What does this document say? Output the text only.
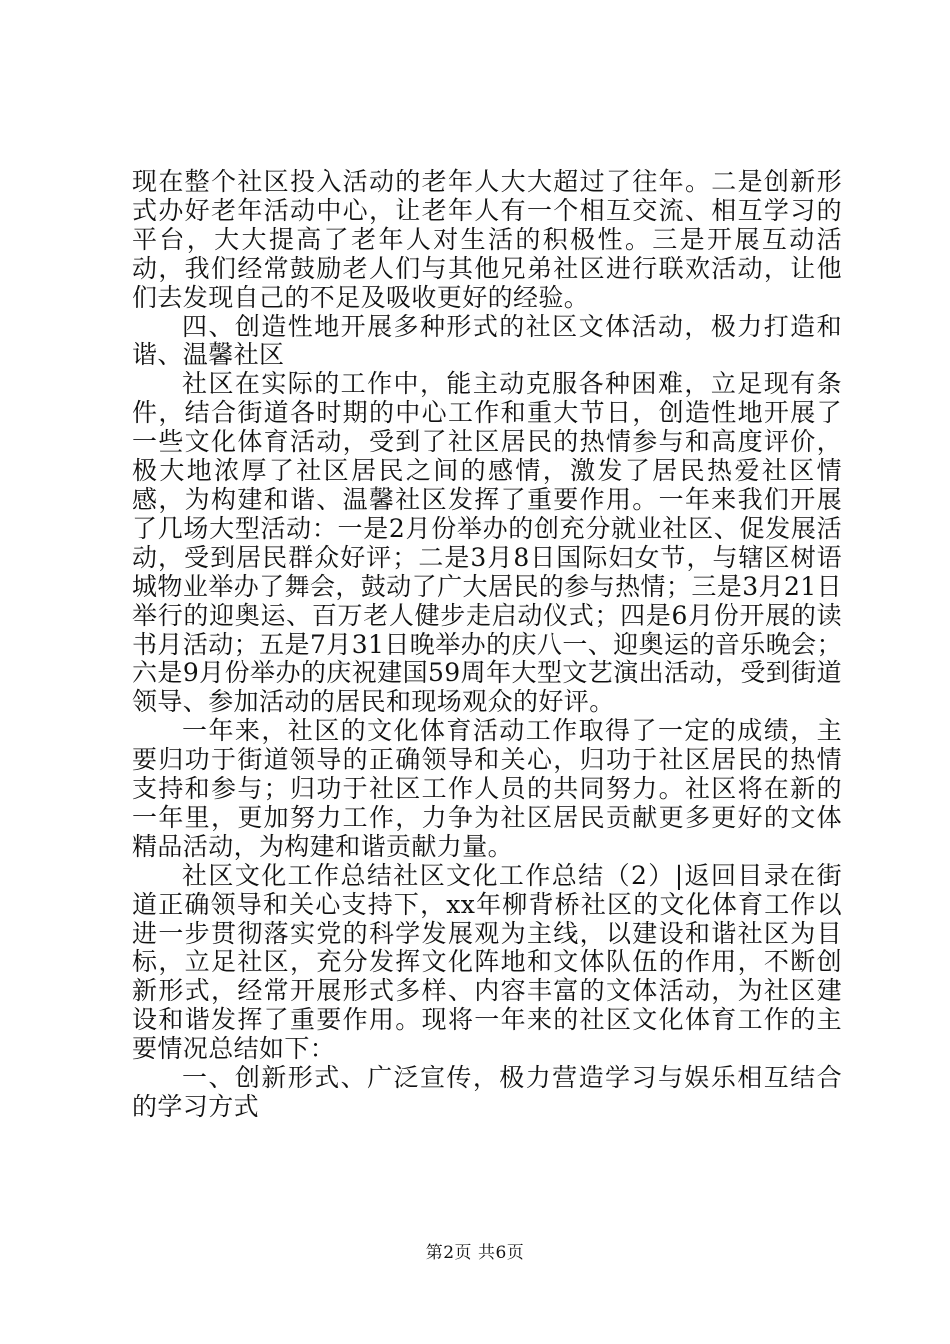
现在整个社区投入活动的老年人大大超过了往年。二是创新形式办好老年活动中心，让老年人有一个相互交流、相互学习的平台，大大提高了老年人对生活的积极性。三是开展互动活动，我们经常鼓励老人们与其他兄弟社区进行联欢活动，让他们去发现自己的不足及吸收更好的经验。

四、创造性地开展多种形式的社区文体活动，极力打造和谐、温馨社区

社区在实际的工作中，能主动克服各种困难，立足现有条件，结合街道各时期的中心工作和重大节日，创造性地开展了一些文化体育活动，受到了社区居民的热情参与和高度评价，极大地浓厚了社区居民之间的感情，激发了居民热爱社区情感，为构建和谐、温馨社区发挥了重要作用。一年来我们开展了几场大型活动：一是2月份举办的创充分就业社区、促发展活动，受到居民群众好评；二是3月8日国际妇女节，与辖区树语城物业举办了舞会，鼓动了广大居民的参与热情；三是3月21日举行的迎奥运、百万老人健步走启动仪式；四是6月份开展的读书月活动；五是7月31日晚举办的庆八一、迎奥运的音乐晚会；六是9月份举办的庆祝建国59周年大型文艺演出活动，受到街道领导、参加活动的居民和现场观众的好评。

一年来，社区的文化体育活动工作取得了一定的成绩，主要归功于街道领导的正确领导和关心，归功于社区居民的热情支持和参与；归功于社区工作人员的共同努力。社区将在新的一年里，更加努力工作，力争为社区居民贡献更多更好的文体精品活动，为构建和谐贡献力量。

社区文化工作总结社区文化工作总结（2）|返回目录在街道正确领导和关心支持下，xx年柳背桥社区的文化体育工作以进一步贯彻落实党的科学发展观为主线，以建设和谐社区为目标，立足社区，充分发挥文化阵地和文体队伍的作用，不断创新形式，经常开展形式多样、内容丰富的文体活动，为社区建设和谐发挥了重要作用。现将一年来的社区文化体育工作的主要情况总结如下：

一、创新形式、广泛宣传，极力营造学习与娱乐相互结合的学习方式

第2页 共6页
